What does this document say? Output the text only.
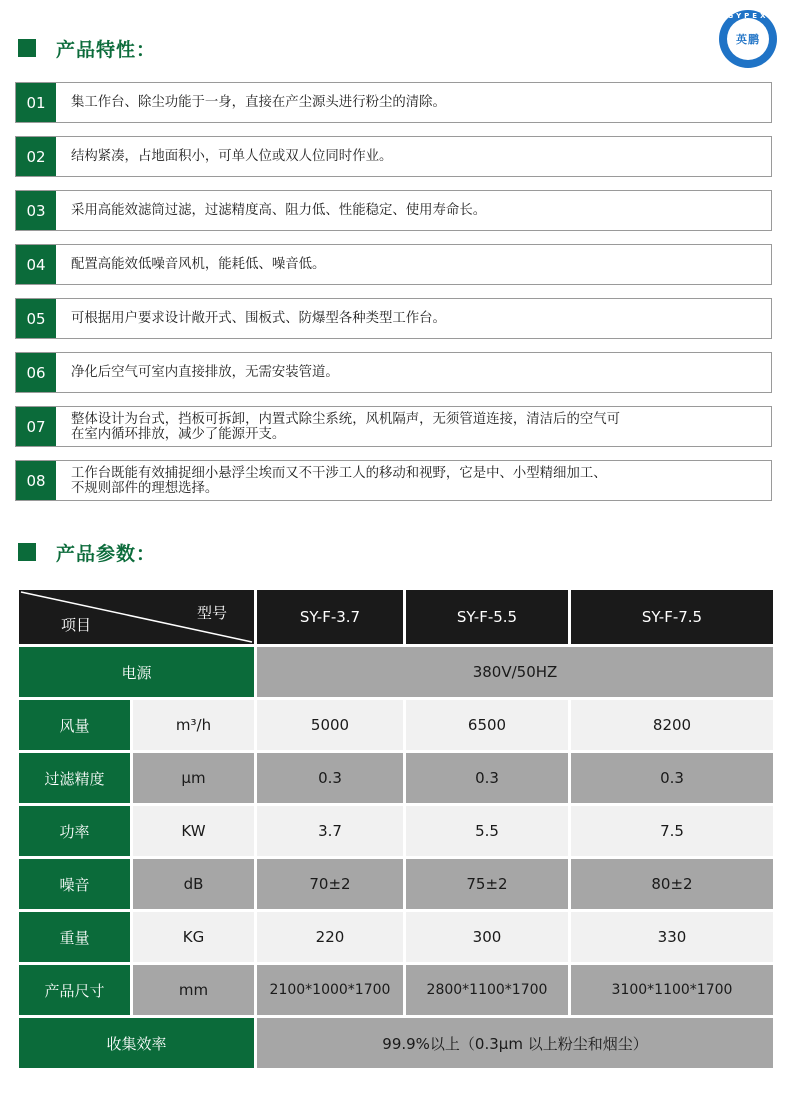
GYPEX
英鹏
产品特性：
01	集工作台、除尘功能于一身，直接在产尘源头进行粉尘的清除。
02	结构紧凑，占地面积小，可单人位或双人位同时作业。
03	采用高能效滤筒过滤，过滤精度高、阻力低、性能稳定、使用寿命长。
04	配置高能效低噪音风机，能耗低、噪音低。
05	可根据用户要求设计敞开式、围板式、防爆型各种类型工作台。
06	净化后空气可室内直接排放，无需安装管道。
07	整体设计为台式，挡板可拆卸，内置式除尘系统，风机隔声，无须管道连接，清洁后的空气可
在室内循环排放，减少了能源开支。
08	工作台既能有效捕捉细小悬浮尘埃而又不干涉工人的移动和视野，它是中、小型精细加工、
不规则部件的理想选择。
产品参数：
型号
项目	SY-F-3.7	SY-F-5.5	SY-F-7.5
电源	380V/50HZ
风量	m³/h	5000	6500	8200
过滤精度	μm	0.3	0.3	0.3
功率	KW	3.7	5.5	7.5
噪音	dB	70±2	75±2	80±2
重量	KG	220	300	330
产品尺寸	mm	2100*1000*1700	2800*1100*1700	3100*1100*1700
收集效率	99.9%以上（0.3μm 以上粉尘和烟尘）
